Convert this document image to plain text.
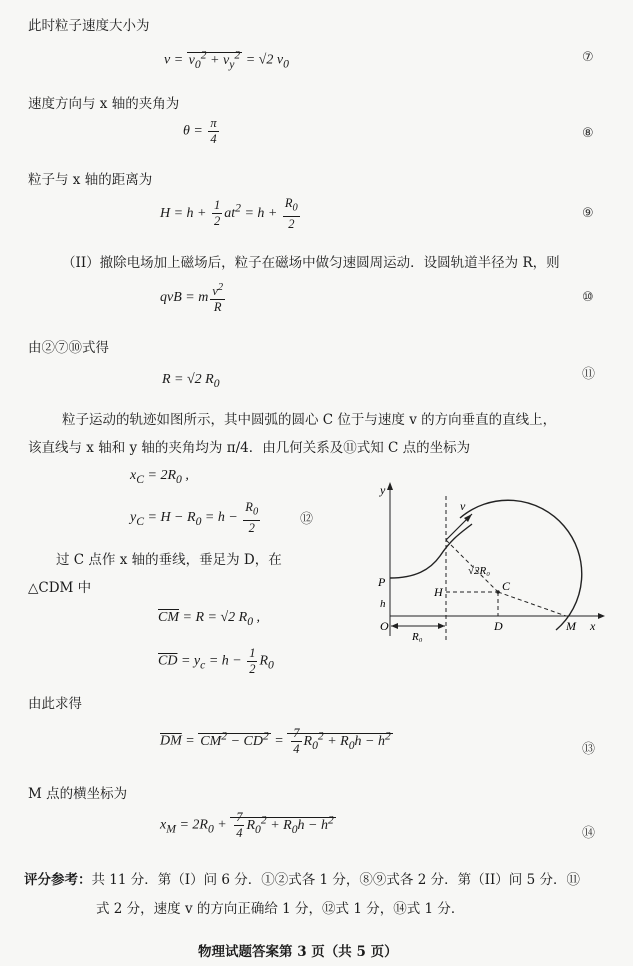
此时粒子速度大小为
$v = v_0^2 + v_y^2 = √2$ $v_0$	⑦
速度方向与 x 轴的夹角为
$\theta = \frac{\pi}{4}$	⑧
粒子与 x 轴的距离为
$H = h + \frac{1}{2} at^2 = h + \frac{R_0}{2}$	⑨
（II）撤除电场加上磁场后，粒子在磁场中做匀速圆周运动．设圆轨道半径为 R，则
qvB = m $\frac{v^2}{R}$	⑩
由②⑦⑩式得
R = √2 $R_0$
⑪
粒子运动的轨迹如图所示，其中圆弧的圆心 C 位于与速度 v 的方向垂直的直线上，
该直线与 x 轴和 y 轴的夹角均为 π/4．由几何关系及⑪式知 C 点的坐标为
$x_C = 2R_0$ ,
$y_C = H - R_0 = h - \frac{R_0}{2}$	⑫
过 C 点作 x 轴的垂线，垂足为 D，在
△CDM 中
$\overline{CM} = R = √2$ $R_0$ ,
$\overline{CD} = y_c = h - \frac{1}{2} R_0$
y
x
O
P
h
v
√2R₀
C
H
D	M
R₀
由此求得
$\overline{DM} = \overline{CM}^2 - \overline{CD}^2 = \frac{7}{4} R_0^2 + R_0h - h^2$
⑬
M 点的横坐标为
$x_M = 2R_0 + \frac{7}{4} R_0^2 + R_0h - h^2$
⑭
评分参考：共 11 分．第（I）问 6 分．①②式各 1 分，⑧⑨式各 2 分．第（II）问 5 分．⑪
式 2 分，速度 v 的方向正确给 1 分，⑫式 1 分，⑭式 1 分．
物理试题答案第 3 页（共 5 页）
